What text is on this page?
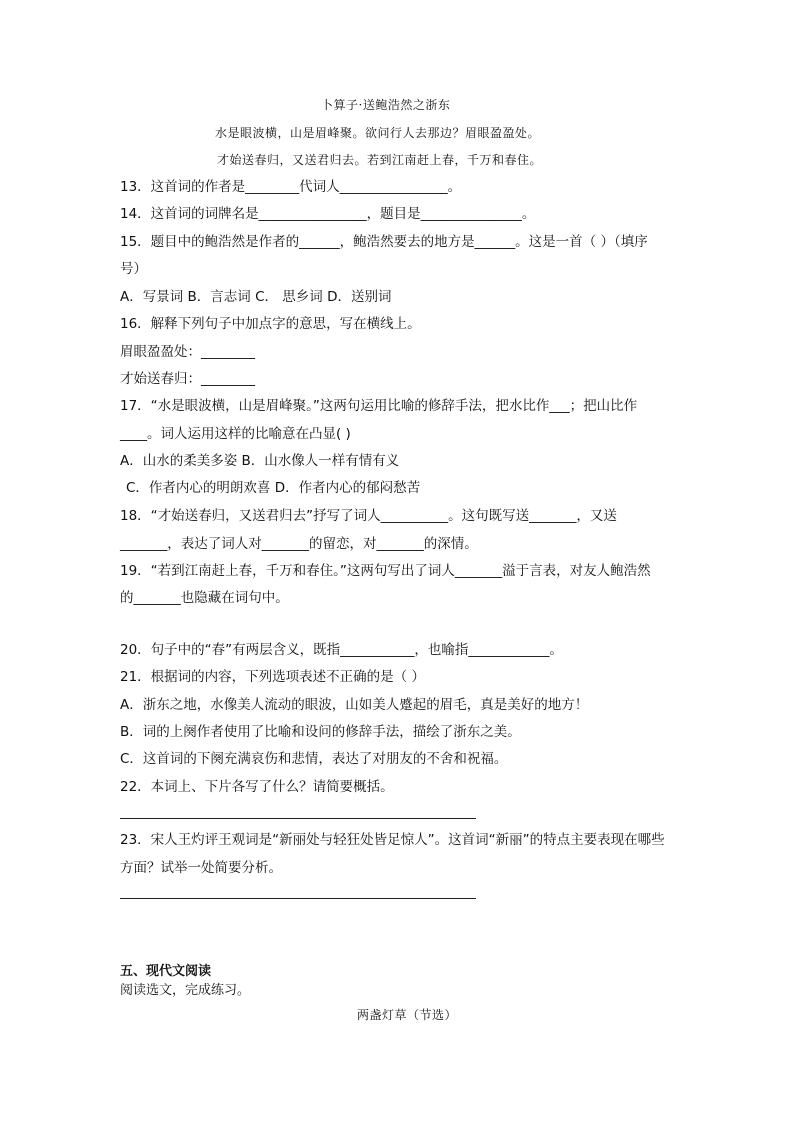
卜算子·送鲍浩然之浙东
水是眼波横，山是眉峰聚。欲问行人去那边？眉眼盈盈处。
才始送春归，又送君归去。若到江南赶上春，千万和春住。
13．这首词的作者是________代词人________________。
14．这首词的词牌名是________________，题目是_______________。
15．题目中的鲍浩然是作者的______，鲍浩然要去的地方是______。这是一首（ ）（填序
号）
A．写景词 B．言志词 C． 思乡词 D．送别词
16．解释下列句子中加点字的意思，写在横线上。
眉眼盈盈处：________
才始送春归：________
17．“水是眼波横，山是眉峰聚。”这两句运用比喻的修辞手法，把水比作___；把山比作
____。词人运用这样的比喻意在凸显( )
A．山水的柔美多姿 B．山水像人一样有情有义
C．作者内心的明朗欢喜 D．作者内心的郁闷愁苦
18．“才始送春归，又送君归去”抒写了词人__________。这句既写送_______，又送
_______，表达了词人对_______的留恋，对_______的深情。
19．“若到江南赶上春，千万和春住。”这两句写出了词人_______溢于言表，对友人鲍浩然
的_______也隐藏在词句中。
20．句子中的“春”有两层含义，既指___________，也喻指____________。
21．根据词的内容，下列选项表述不正确的是（ ）
A．浙东之地，水像美人流动的眼波，山如美人蹙起的眉毛，真是美好的地方！
B．词的上阕作者使用了比喻和设问的修辞手法，描绘了浙东之美。
C．这首词的下阕充满哀伤和悲情，表达了对朋友的不舍和祝福。
22．本词上、下片各写了什么？请简要概括。
23．宋人王灼评王观词是“新丽处与轻狂处皆足惊人”。这首词“新丽”的特点主要表现在哪些
方面？试举一处简要分析。
五、现代文阅读
阅读选文，完成练习。
两盏灯草（节选）
